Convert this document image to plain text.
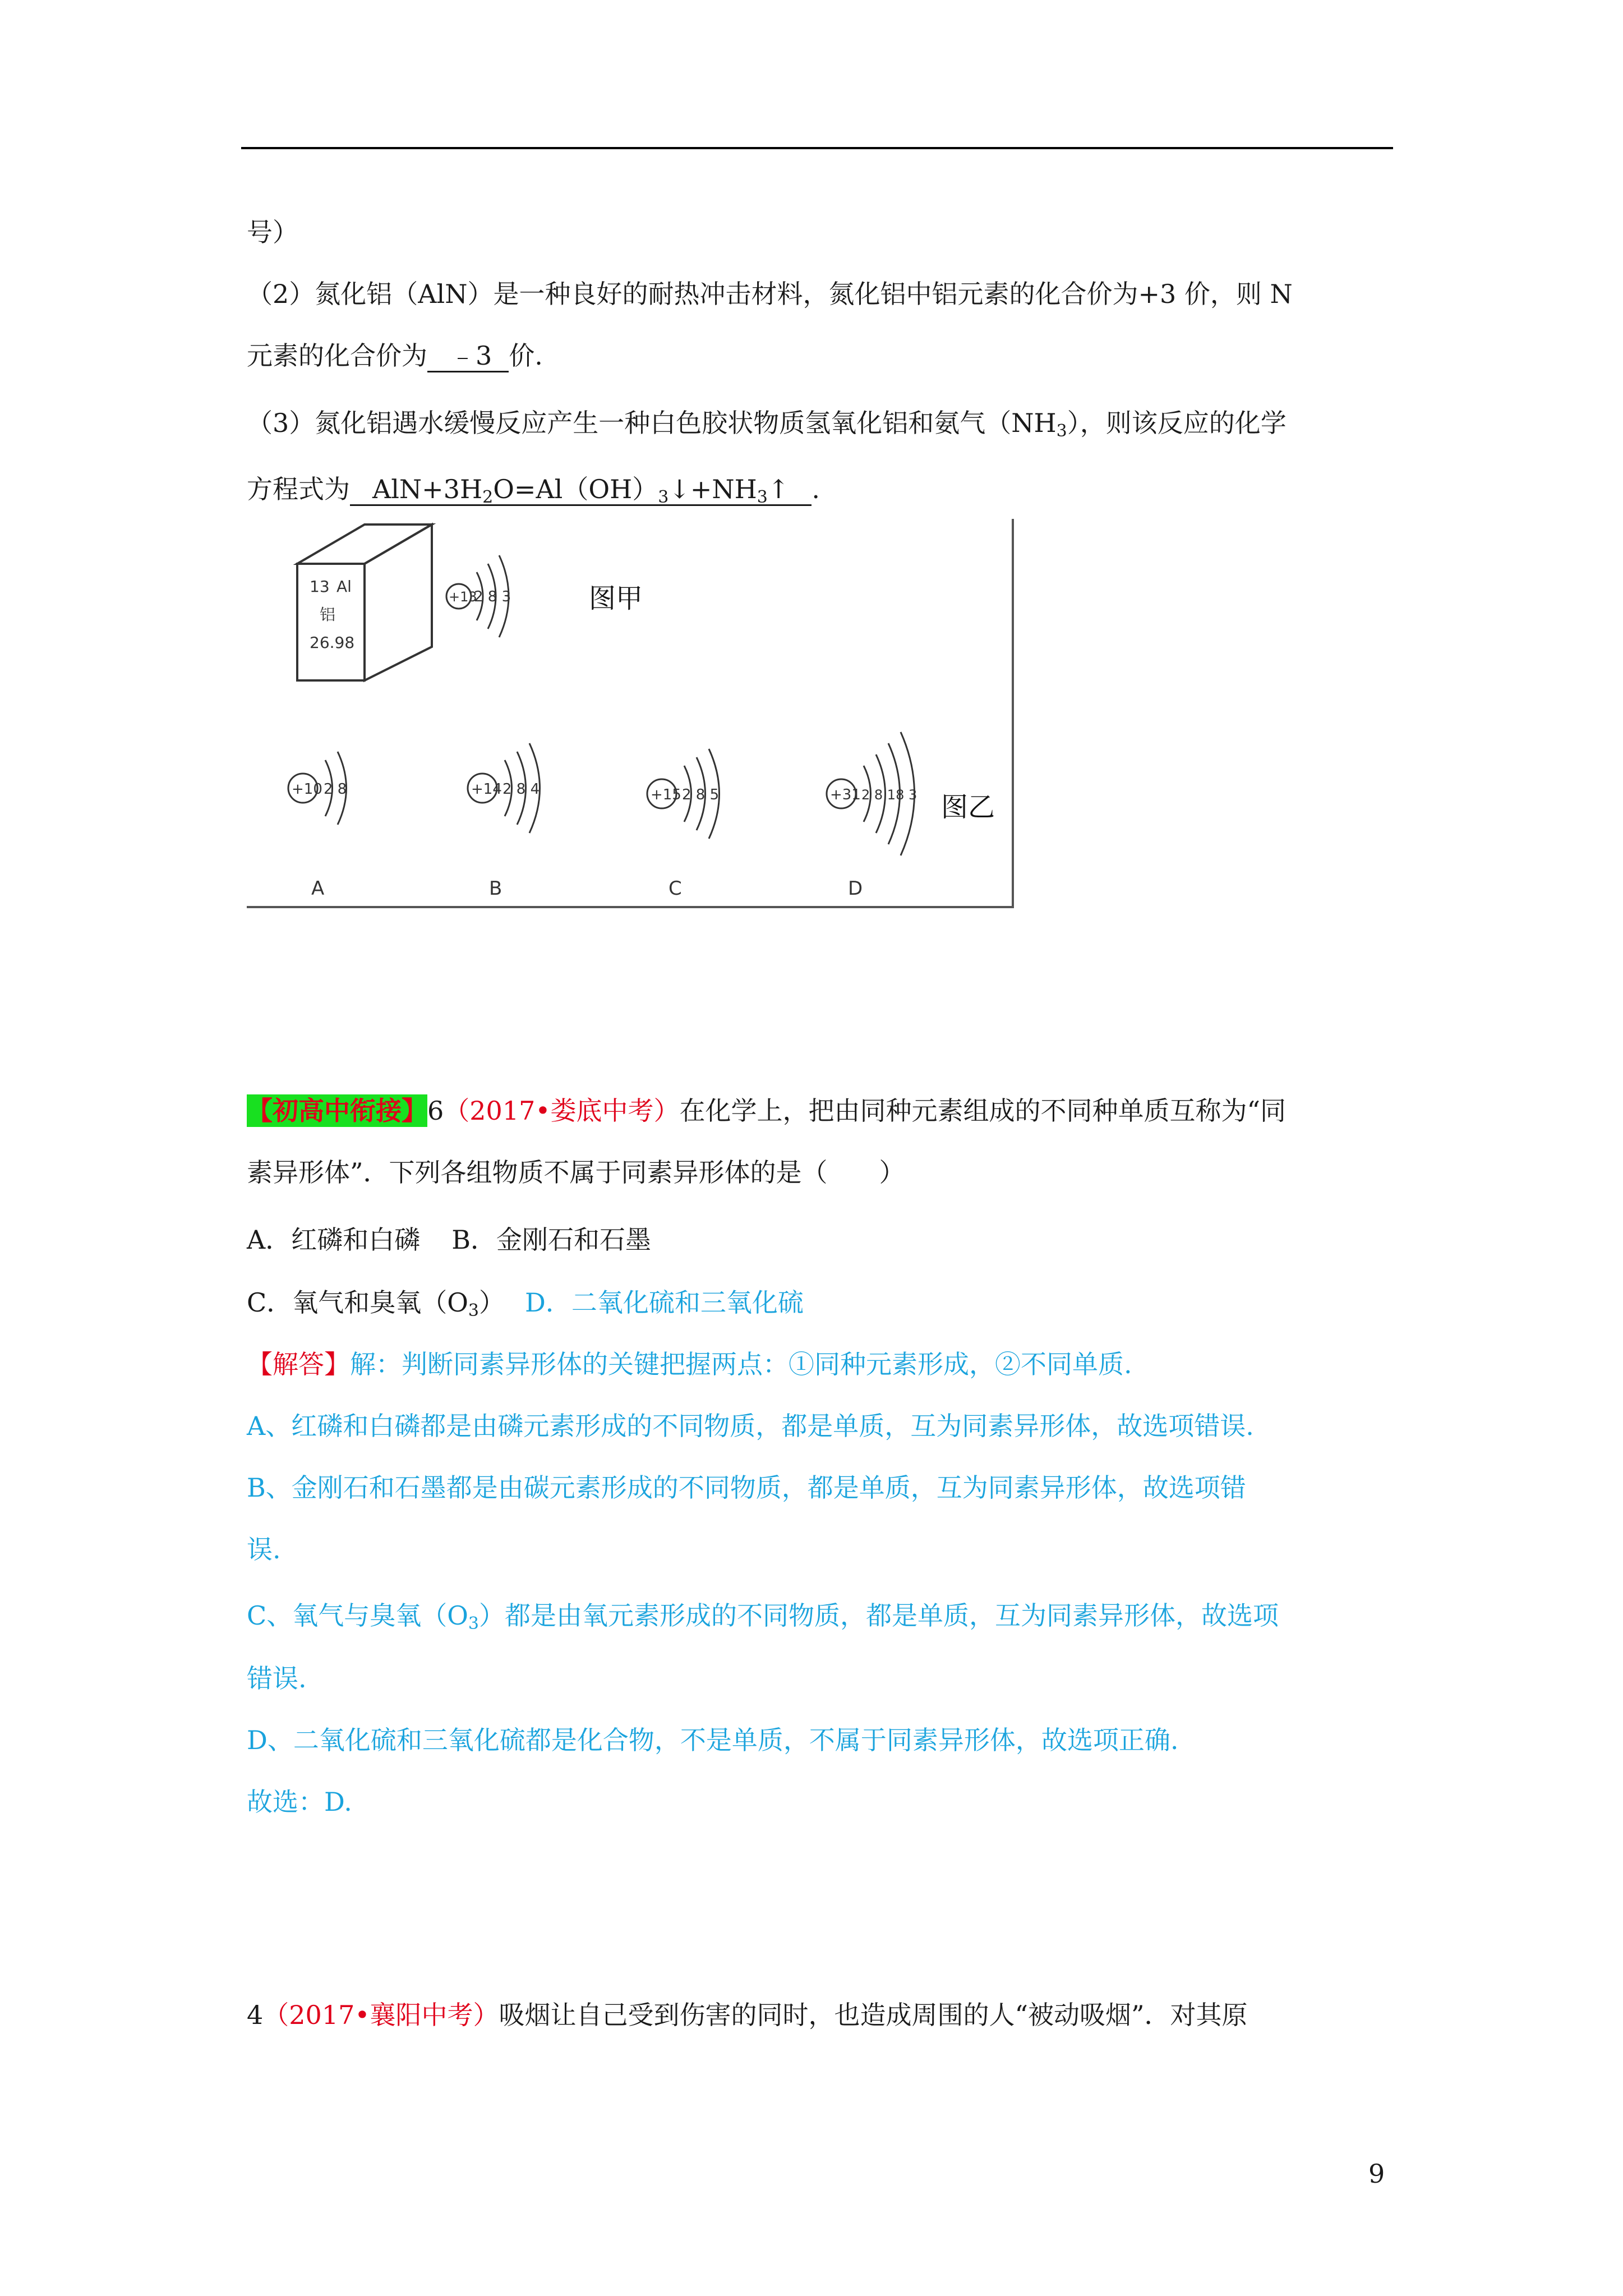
号）
（2）氮化铝（AlN）是一种良好的耐热冲击材料，氮化铝中铝元素的化合价为+3 价，则 N
元素的化合价为 ﹣3 价.
（3）氮化铝遇水缓慢反应产生一种白色胶状物质氢氧化铝和氨气$(NH_3)$，则该反应的化学
方程式为 $AlN+3H_2O=Al(OH)_3↓+NH_3↑$ .
13 Al
铝
26.98
+13
2 8 3	图甲
+10 2 8
A
+14 2 8 4
B
+15 2 8 5
C
+31 2 8 18 3
D
图乙
【初高中衔接】6（2017•娄底中考）在化学上，把由同种元素组成的不同种单质互称为“同
素异形体”．下列各组物质不属于同素异形体的是（　　）
A．红磷和白磷 B．金刚石和石墨
C．氧气和臭氧$(O_3)$ D．二氧化硫和三氧化硫
【解答】解：判断同素异形体的关键把握两点：①同种元素形成，②不同单质.
A、红磷和白磷都是由磷元素形成的不同物质，都是单质，互为同素异形体，故选项错误.
B、金刚石和石墨都是由碳元素形成的不同物质，都是单质，互为同素异形体，故选项错
误.
C、氧气与臭氧$(O_3)$都是由氧元素形成的不同物质，都是单质，互为同素异形体，故选项
错误.
D、二氧化硫和三氧化硫都是化合物，不是单质，不属于同素异形体，故选项正确.
故选：D.
4（2017•襄阳中考）吸烟让自己受到伤害的同时，也造成周围的人“被动吸烟”．对其原
9
